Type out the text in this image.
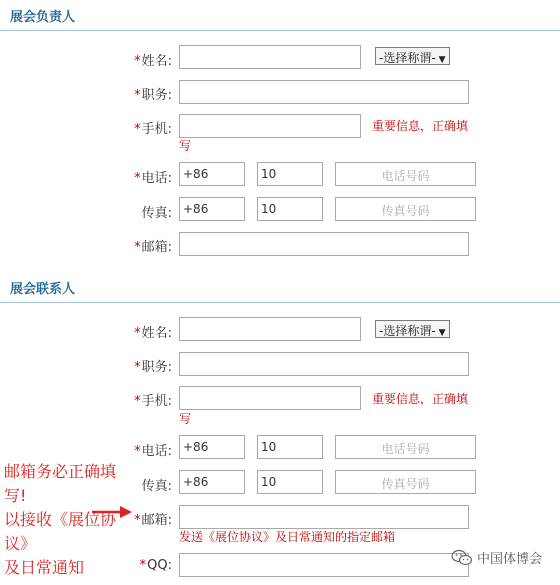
展会负责人
*姓名:	-选择称谓- ▼
*职务:
*手机:	重要信息，正确填
写
*电话: +86	10	电话号码
传真: +86	10	传真号码
*邮箱:
展会联系人
*姓名:	-选择称谓- ▼
*职务:
*手机:	重要信息，正确填
写
*电话: +86	10	电话号码
传真: +86	10	传真号码
*邮箱:
发送《展位协议》及日常通知的指定邮箱
*QQ:
邮箱务必正确填写!
以接收《展位协议》
及日常通知	中国体博会
